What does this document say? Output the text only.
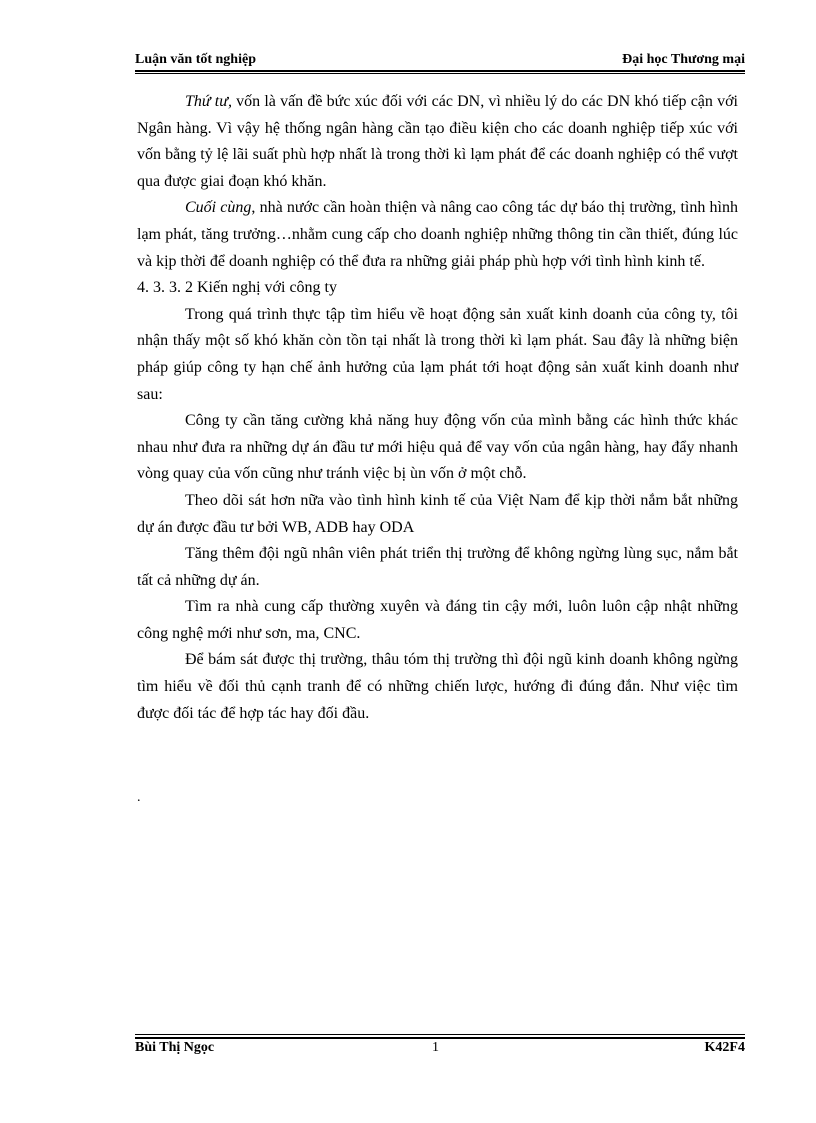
Luận văn tốt nghiệp	Đại học Thương mại

Thứ tư, vốn là vấn đề bức xúc đối với các DN, vì nhiều lý do các DN khó tiếp cận với Ngân hàng. Vì vậy hệ thống ngân hàng cần tạo điều kiện cho các doanh nghiệp tiếp xúc với vốn bằng tỷ lệ lãi suất phù hợp nhất là trong thời kì lạm phát để các doanh nghiệp có thể vượt qua được giai đoạn khó khăn.

Cuối cùng, nhà nước cần hoàn thiện và nâng cao công tác dự báo thị trường, tình hình lạm phát, tăng trưởng…nhằm cung cấp cho doanh nghiệp những thông tin cần thiết, đúng lúc và kịp thời để doanh nghiệp có thể đưa ra những giải pháp phù hợp với tình hình kinh tế.

4. 3. 3. 2 Kiến nghị với công ty

Trong quá trình thực tập tìm hiểu về hoạt động sản xuất kinh doanh của công ty, tôi nhận thấy một số khó khăn còn tồn tại nhất là trong thời kì lạm phát. Sau đây là những biện pháp giúp công ty hạn chế ảnh hưởng của lạm phát tới hoạt động sản xuất kinh doanh như sau:

Công ty cần tăng cường khả năng huy động vốn của mình bằng các hình thức khác nhau như đưa ra những dự án đầu tư mới hiệu quả để vay vốn của ngân hàng, hay đẩy nhanh vòng quay của vốn cũng như tránh việc bị ùn vốn ở một chỗ.

Theo dõi sát hơn nữa vào tình hình kinh tế của Việt Nam để kịp thời nắm bắt những dự án được đầu tư bởi WB, ADB hay ODA

Tăng thêm đội ngũ nhân viên phát triển thị trường để không ngừng lùng sục, nắm bắt tất cả những dự án.

Tìm ra nhà cung cấp thường xuyên và đáng tin cậy mới, luôn luôn cập nhật những công nghệ mới như sơn, ma, CNC.

Để bám sát được thị trường, thâu tóm thị trường thì đội ngũ kinh doanh không ngừng tìm hiểu về đối thủ cạnh tranh để có những chiến lược, hướng đi đúng đắn. Như việc tìm được đối tác để hợp tác hay đối đầu.

.
Bùi Thị Ngọc	1	K42F4
